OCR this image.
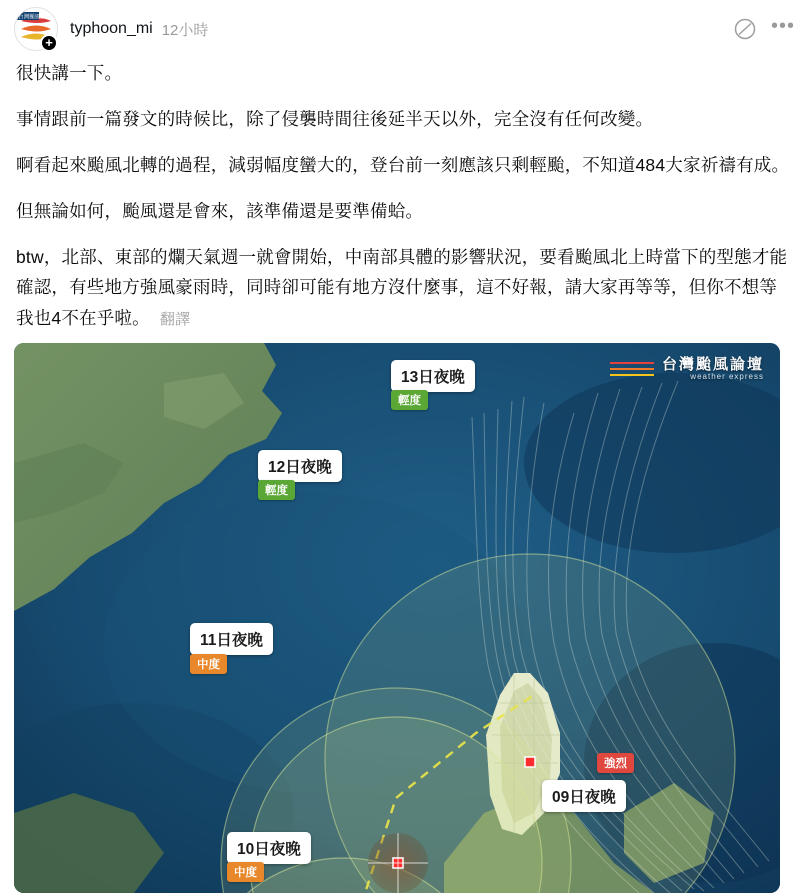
台灣颱風論壇
+
typhoon_mi 12小時	•••

很快講一下。

事情跟前一篇發文的時候比，除了侵襲時間往後延半天以外，完全沒有任何改變。

啊看起來颱風北轉的過程，減弱幅度蠻大的，登台前一刻應該只剩輕颱，不知道484大家祈禱有成。

但無論如何，颱風還是會來，該準備還是要準備蛤。

btw，北部、東部的爛天氣週一就會開始，中南部具體的影響狀況，要看颱風北上時當下的型態才能確認，有些地方強風豪雨時，同時卻可能有地方沒什麼事，這不好報，請大家再等等，但你不想等我也4不在乎啦。 翻譯

台灣颱風論壇
weather express
13日夜晚
輕度
12日夜晚
輕度
11日夜晚
中度
10日夜晚
中度
09日夜晚
強烈
